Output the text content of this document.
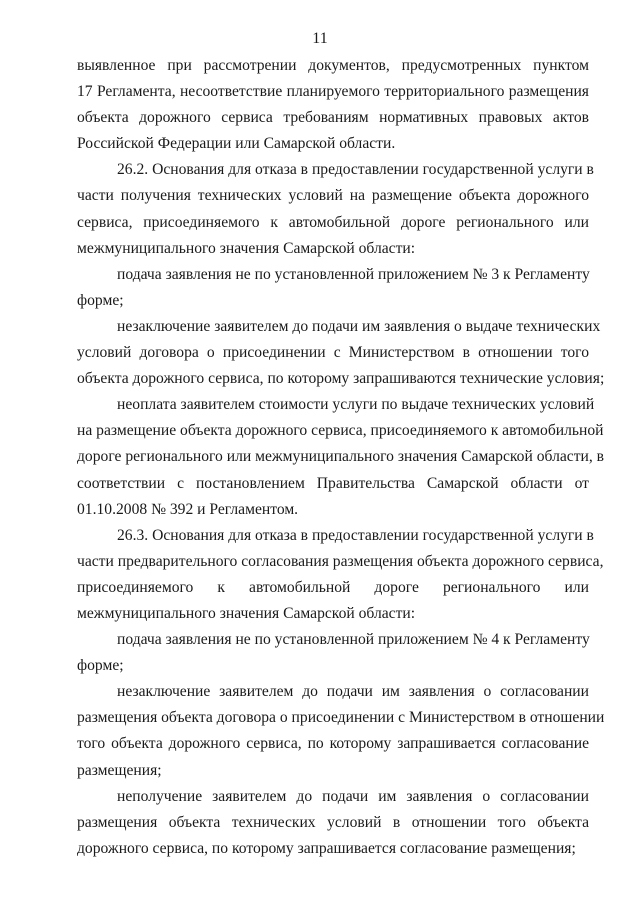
11
выявленное при рассмотрении документов, предусмотренных пунктом
17 Регламента, несоответствие планируемого территориального размещения
объекта дорожного сервиса требованиям нормативных правовых актов
Российской Федерации или Самарской области.
26.2. Основания для отказа в предоставлении государственной услуги в
части получения технических условий на размещение объекта дорожного
сервиса, присоединяемого к автомобильной дороге регионального или
межмуниципального значения Самарской области:
подача заявления не по установленной приложением № 3 к Регламенту
форме;
незаключение заявителем до подачи им заявления о выдаче технических
условий договора о присоединении с Министерством в отношении того
объекта дорожного сервиса, по которому запрашиваются технические условия;
неоплата заявителем стоимости услуги по выдаче технических условий
на размещение объекта дорожного сервиса, присоединяемого к автомобильной
дороге регионального или межмуниципального значения Самарской области, в
соответствии с постановлением Правительства Самарской области от
01.10.2008 № 392 и Регламентом.
26.3. Основания для отказа в предоставлении государственной услуги в
части предварительного согласования размещения объекта дорожного сервиса,
присоединяемого к автомобильной дороге регионального или
межмуниципального значения Самарской области:
подача заявления не по установленной приложением № 4 к Регламенту
форме;
незаключение заявителем до подачи им заявления о согласовании
размещения объекта договора о присоединении с Министерством в отношении
того объекта дорожного сервиса, по которому запрашивается согласование
размещения;
неполучение заявителем до подачи им заявления о согласовании
размещения объекта технических условий в отношении того объекта
дорожного сервиса, по которому запрашивается согласование размещения;
